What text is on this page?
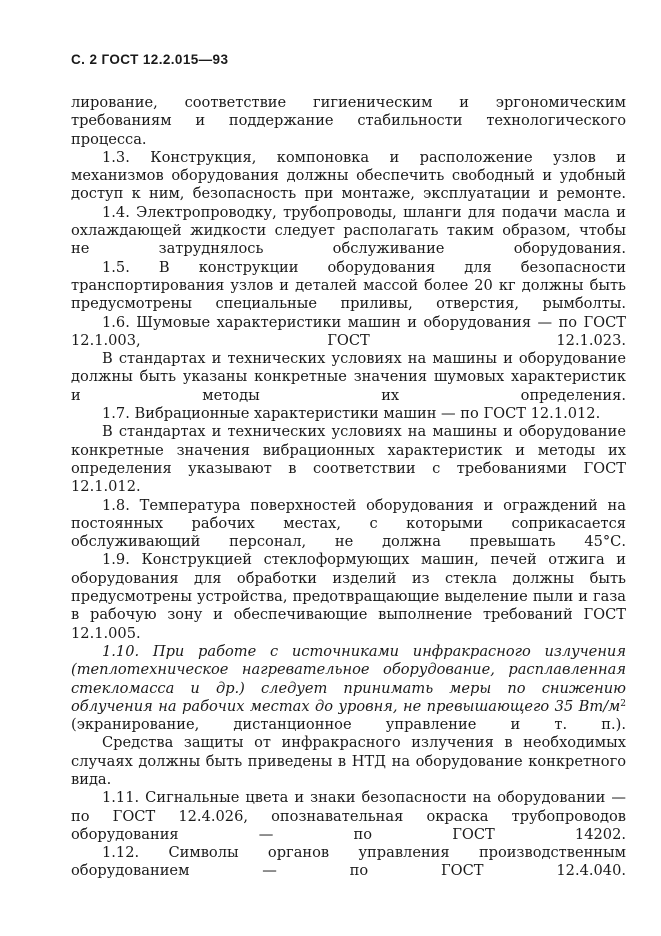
С. 2 ГОСТ 12.2.015—93

лирование, соответствие гигиеническим и эргономическим требованиям и поддержание стабильности технологического процесса.

1.3. Конструкция, компоновка и расположение узлов и механизмов оборудования должны обеспечить свободный и удобный доступ к ним, безопасность при монтаже, эксплуатации и ремонте.

1.4. Электропроводку, трубопроводы, шланги для подачи масла и охлаждающей жидкости следует располагать таким образом, чтобы не затруднялось обслуживание оборудования.

1.5. В конструкции оборудования для безопасности транспортирования узлов и деталей массой более 20 кг должны быть предусмотрены специальные приливы, отверстия, рымболты.

1.6. Шумовые характеристики машин и оборудования — по ГОСТ 12.1.003, ГОСТ 12.1.023.

В стандартах и технических условиях на машины и оборудование должны быть указаны конкретные значения шумовых характеристик и методы их определения.

1.7. Вибрационные характеристики машин — по ГОСТ 12.1.012.

В стандартах и технических условиях на машины и оборудование конкретные значения вибрационных характеристик и методы их определения указывают в соответствии с требованиями ГОСТ 12.1.012.

1.8. Температура поверхностей оборудования и ограждений на постоянных рабочих местах, с которыми соприкасается обслуживающий персонал, не должна превышать 45°С.

1.9. Конструкцией стеклоформующих машин, печей отжига и оборудования для обработки изделий из стекла должны быть предусмотрены устройства, предотвращающие выделение пыли и газа в рабочую зону и обеспечивающие выполнение требований ГОСТ 12.1.005.

1.10. При работе с источниками инфракрасного излучения (теплотехническое нагревательное оборудование, расплавленная стекломасса и др.) следует принимать меры по снижению облучения на рабочих местах до уровня, не превышающего 35 $Вт/м^2$ (экранирование, дистанционное управление и т. п.).

Средства защиты от инфракрасного излучения в необходимых случаях должны быть приведены в НТД на оборудование конкретного вида.

1.11. Сигнальные цвета и знаки безопасности на оборудовании — по ГОСТ 12.4.026, опознавательная окраска трубопроводов оборудования — по ГОСТ 14202.

1.12. Символы органов управления производственным оборудованием — по ГОСТ 12.4.040.
